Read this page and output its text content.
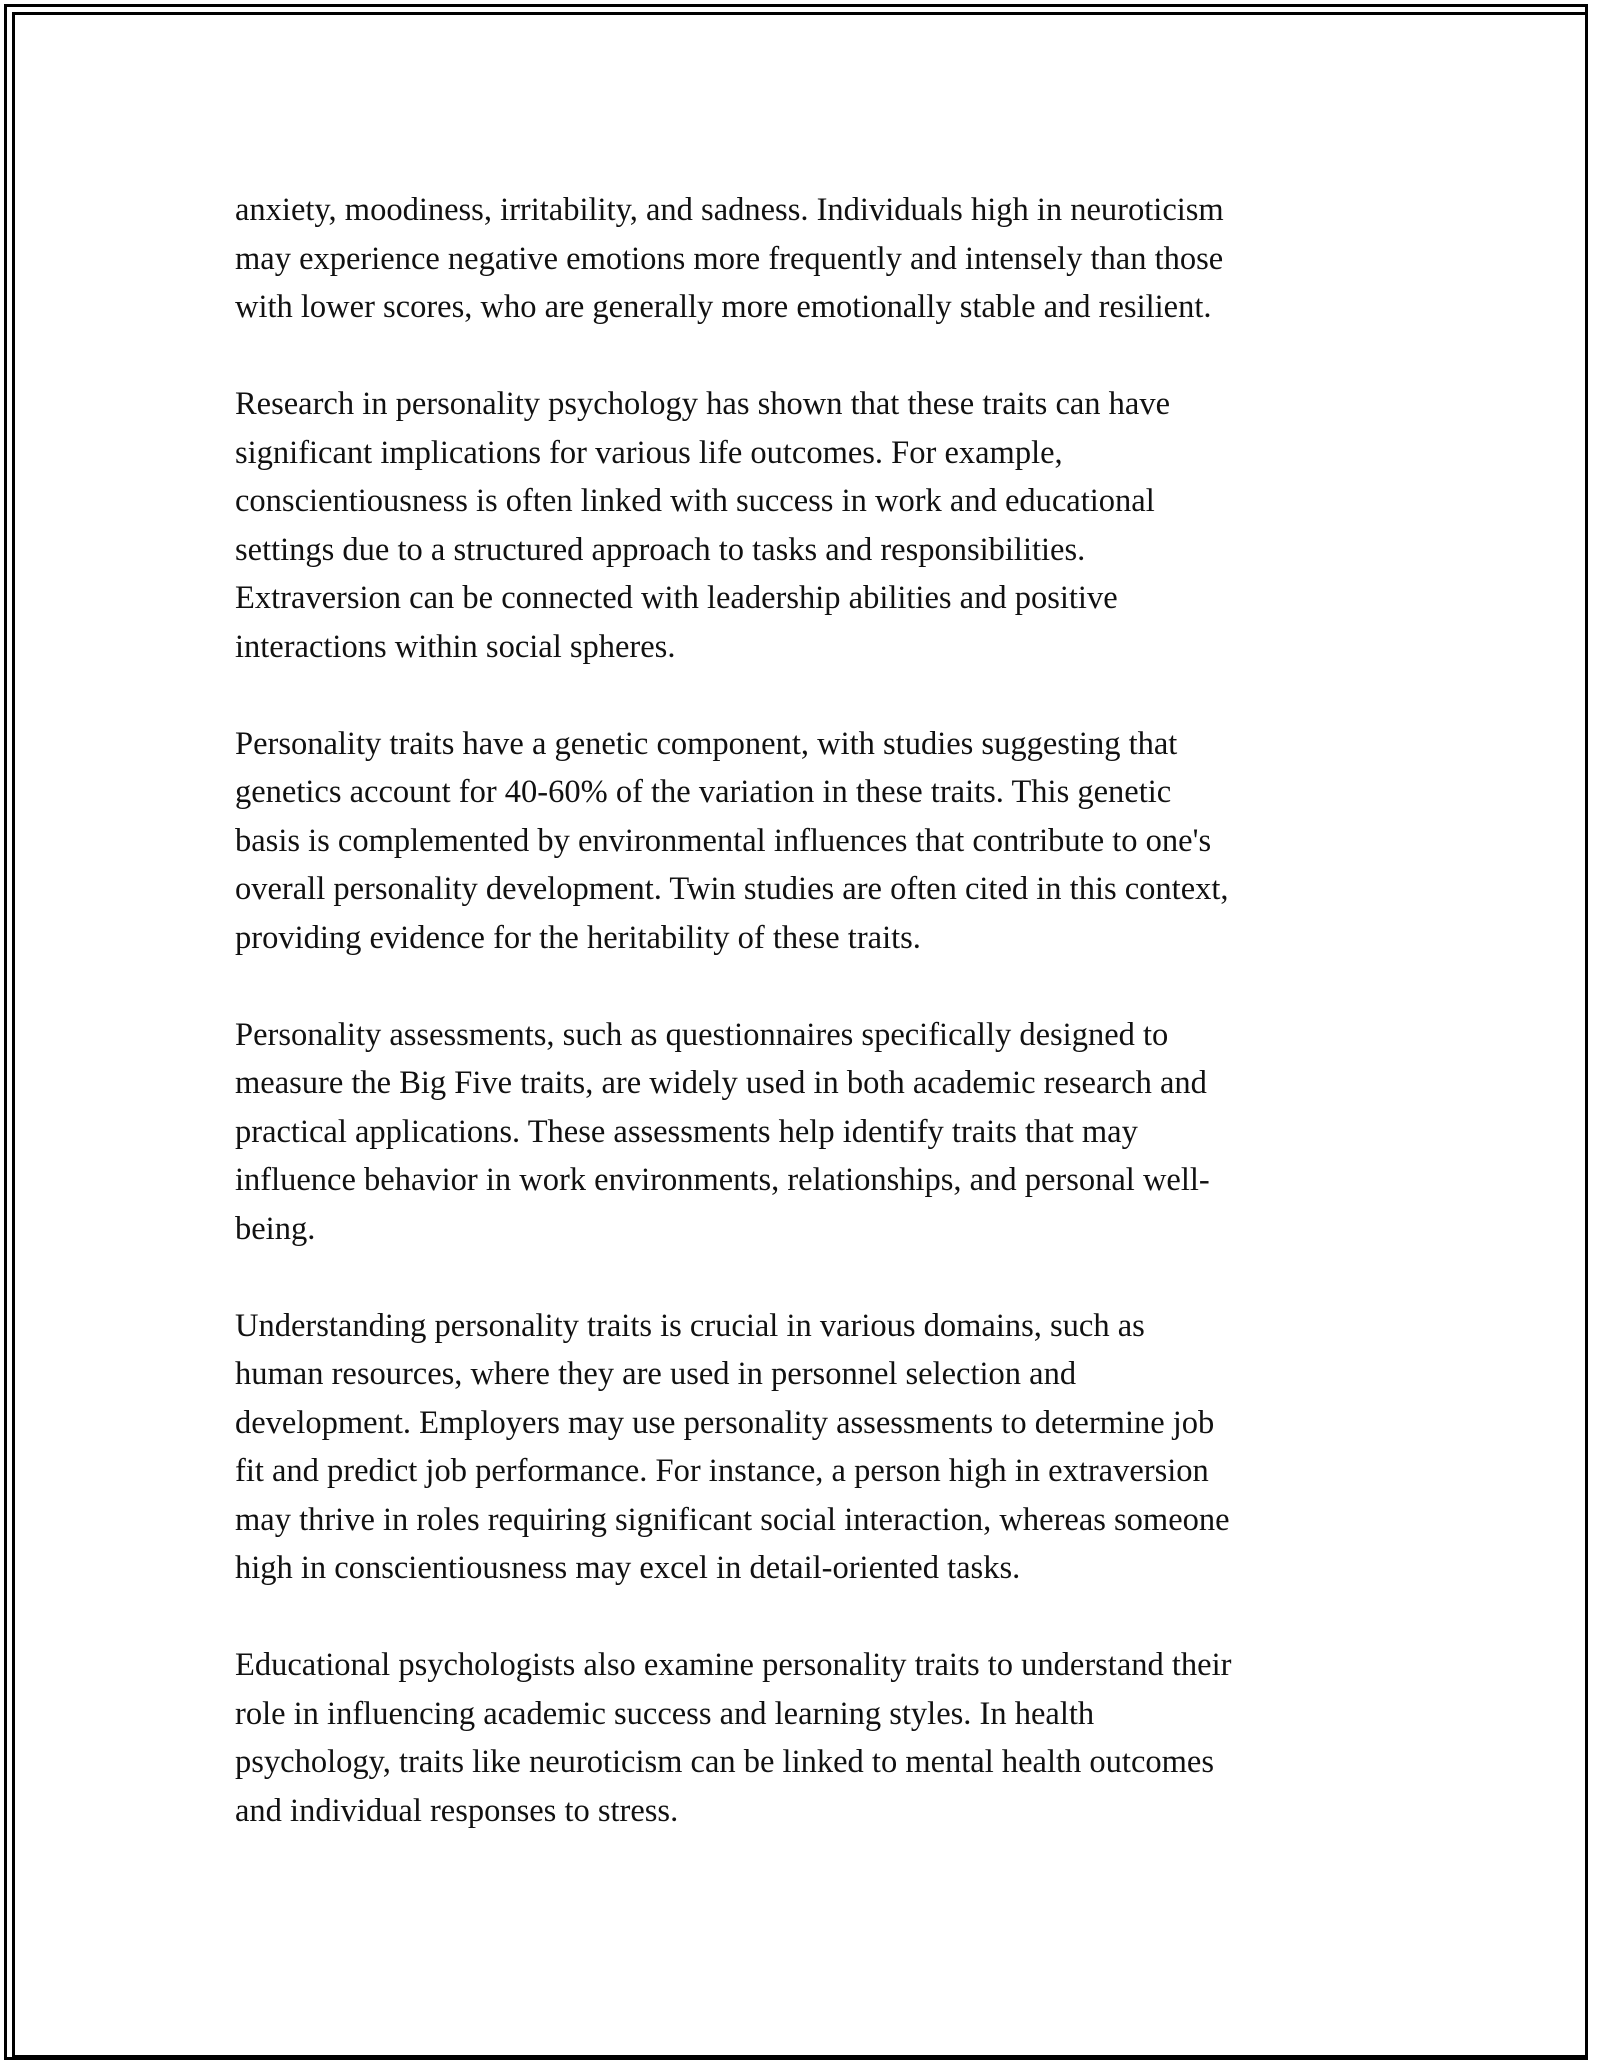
anxiety, moodiness, irritability, and sadness. Individuals high in neuroticism
may experience negative emotions more frequently and intensely than those
with lower scores, who are generally more emotionally stable and resilient.

Research in personality psychology has shown that these traits can have
significant implications for various life outcomes. For example,
conscientiousness is often linked with success in work and educational
settings due to a structured approach to tasks and responsibilities.
Extraversion can be connected with leadership abilities and positive
interactions within social spheres.

Personality traits have a genetic component, with studies suggesting that
genetics account for 40-60% of the variation in these traits. This genetic
basis is complemented by environmental influences that contribute to one's
overall personality development. Twin studies are often cited in this context,
providing evidence for the heritability of these traits.

Personality assessments, such as questionnaires specifically designed to
measure the Big Five traits, are widely used in both academic research and
practical applications. These assessments help identify traits that may
influence behavior in work environments, relationships, and personal well-
being.

Understanding personality traits is crucial in various domains, such as
human resources, where they are used in personnel selection and
development. Employers may use personality assessments to determine job
fit and predict job performance. For instance, a person high in extraversion
may thrive in roles requiring significant social interaction, whereas someone
high in conscientiousness may excel in detail-oriented tasks.

Educational psychologists also examine personality traits to understand their
role in influencing academic success and learning styles. In health
psychology, traits like neuroticism can be linked to mental health outcomes
and individual responses to stress.
